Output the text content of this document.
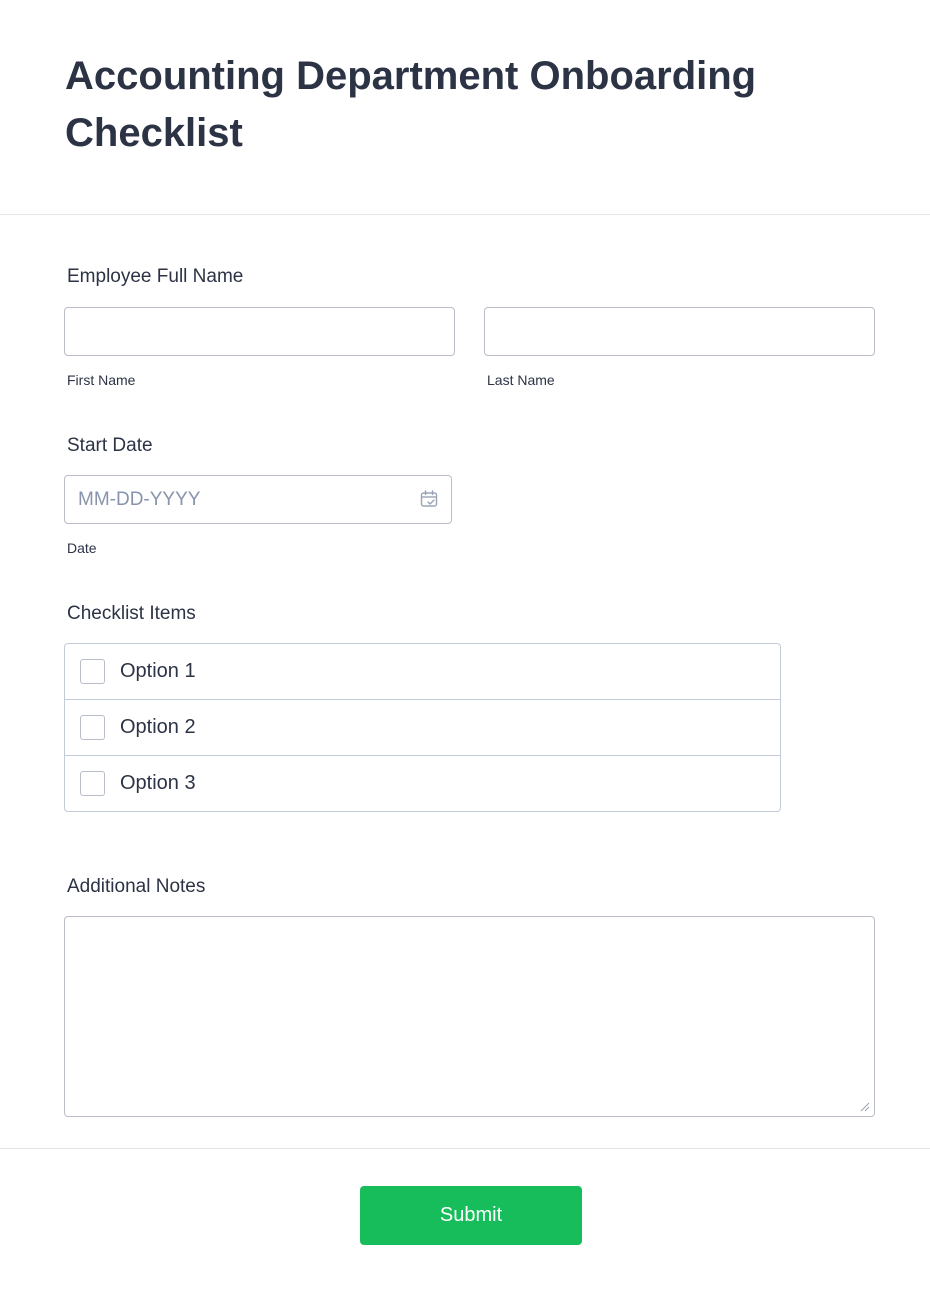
Accounting Department Onboarding Checklist
Employee Full Name
First Name	Last Name
Start Date
MM-DD-YYYY
Date
Checklist Items
Option 1
Option 2
Option 3
Additional Notes
Submit
